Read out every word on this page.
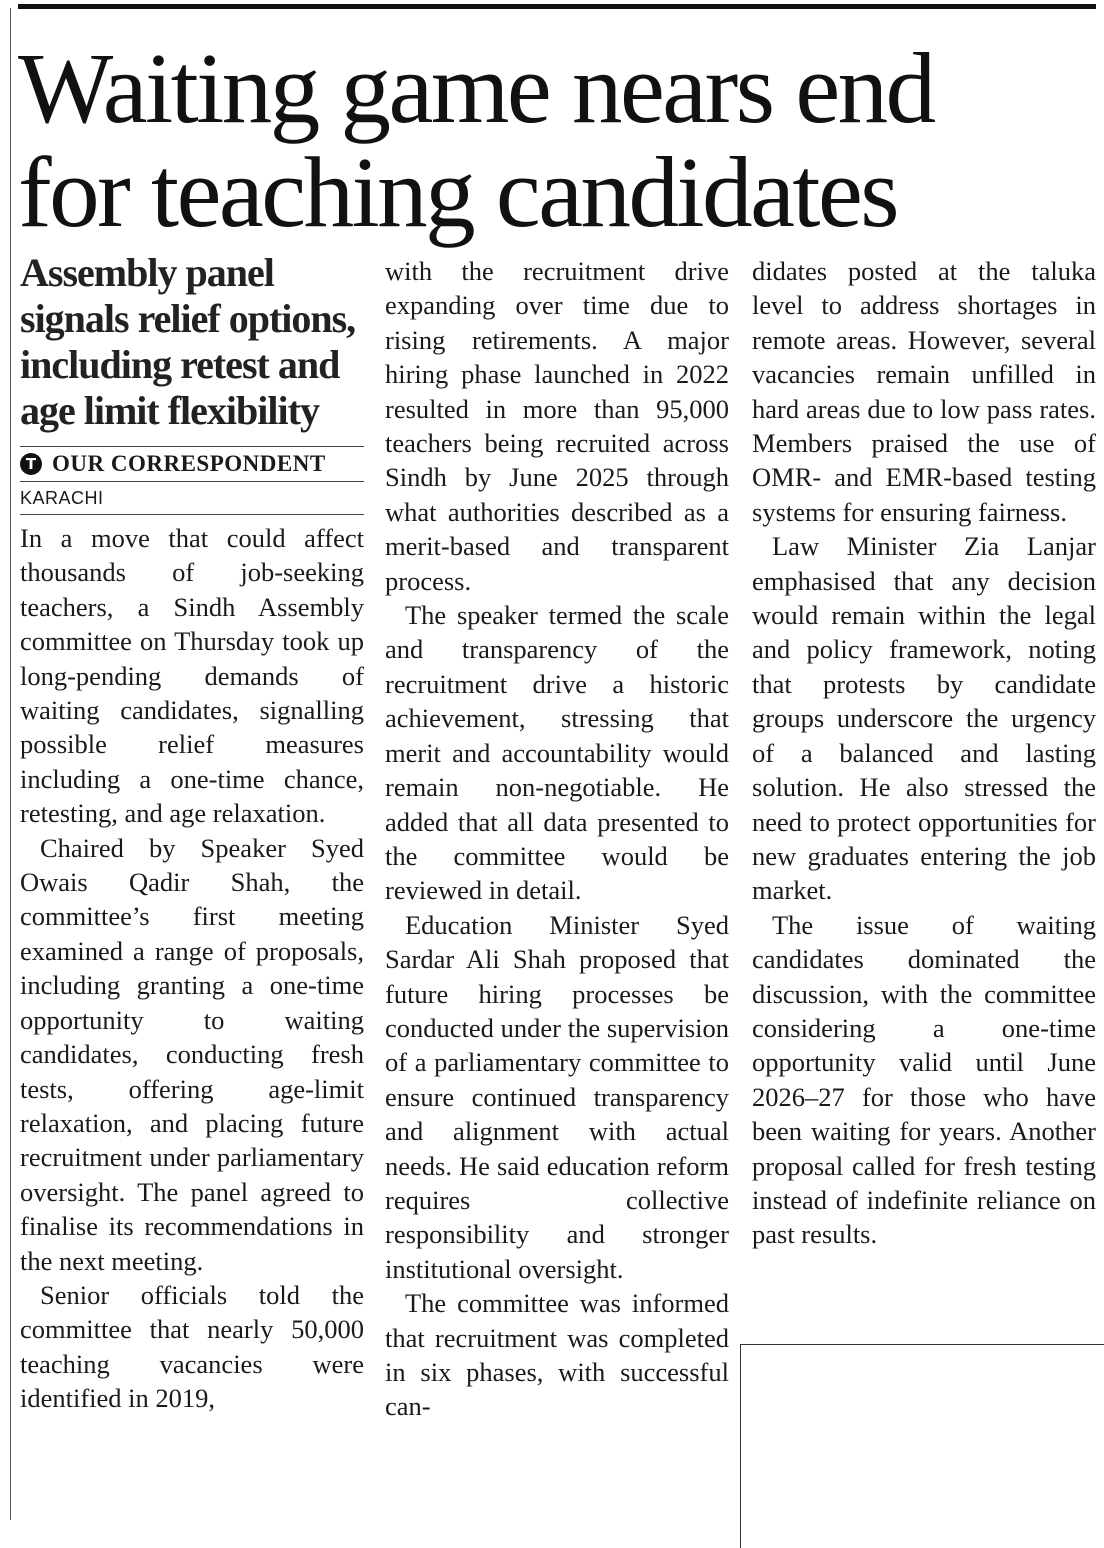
Waiting game nears end
for teaching candidates
Assembly panel signals relief options, including retest and age limit flexibility
T OUR CORRESPONDENT
KARACHI

In a move that could affect thousands of job-seeking teachers, a Sindh Assembly committee on Thursday took up long-pending demands of waiting candidates, signalling possible relief measures including a one-time chance, retesting, and age relaxation.

Chaired by Speaker Syed Owais Qadir Shah, the committee’s first meeting examined a range of proposals, including granting a one-time opportunity to waiting candidates, conducting fresh tests, offering age-limit relaxation, and placing future recruitment under parliamentary oversight. The panel agreed to finalise its recommendations in the next meeting.

Senior officials told the committee that nearly 50,000 teaching vacancies were identified in 2019,

with the recruitment drive expanding over time due to rising retirements. A major hiring phase launched in 2022 resulted in more than 95,000 teachers being recruited across Sindh by June 2025 through what authorities described as a merit-based and transparent process.

The speaker termed the scale and transparency of the recruitment drive a historic achievement, stressing that merit and accountability would remain non-negotiable. He added that all data presented to the committee would be reviewed in detail.

Education Minister Syed Sardar Ali Shah proposed that future hiring processes be conducted under the supervision of a parliamentary committee to ensure continued transparency and alignment with actual needs. He said education reform requires collective responsibility and stronger institutional oversight.

The committee was informed that recruitment was completed in six phases, with successful can-

didates posted at the taluka level to address shortages in remote areas. However, several vacancies remain unfilled in hard areas due to low pass rates. Members praised the use of OMR- and EMR-based testing systems for ensuring fairness.

Law Minister Zia Lanjar emphasised that any decision would remain within the legal and policy framework, noting that protests by candidate groups underscore the urgency of a balanced and lasting solution. He also stressed the need to protect opportunities for new graduates entering the job market.

The issue of waiting candidates dominated the discussion, with the committee considering a one-time opportunity valid until June 2026–27 for those who have been waiting for years. Another proposal called for fresh testing instead of indefinite reliance on past results.
